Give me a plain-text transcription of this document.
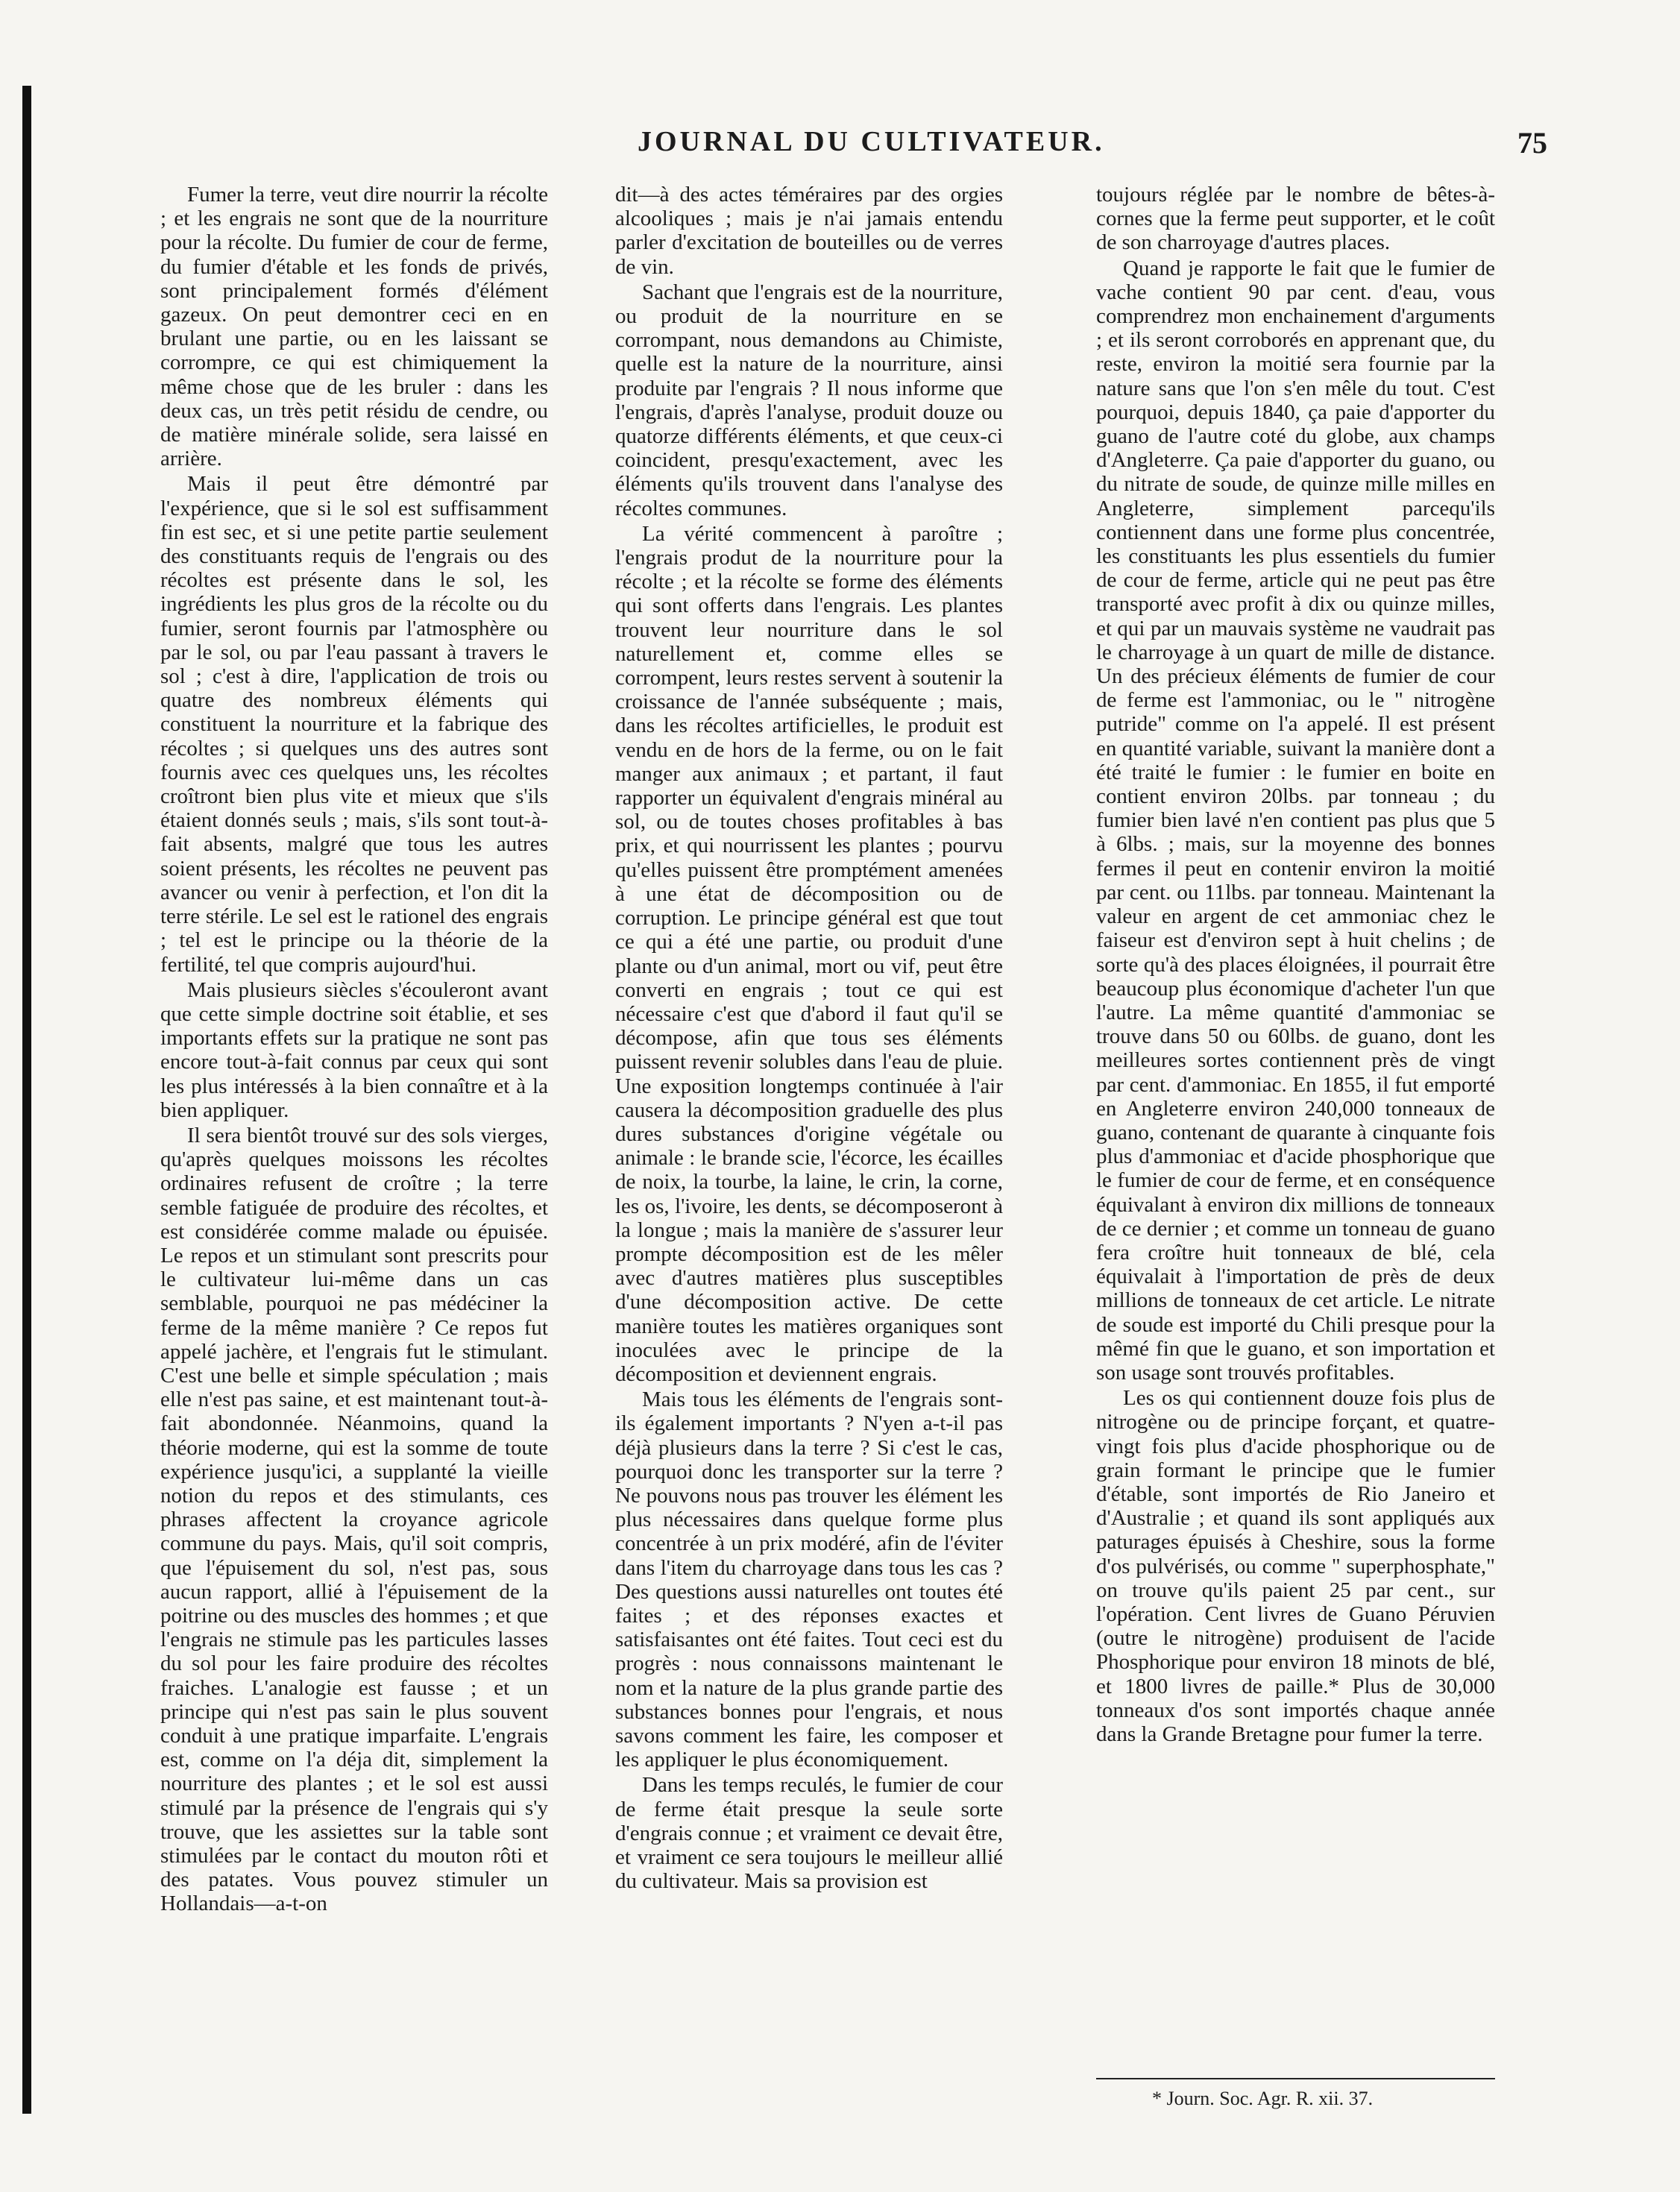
JOURNAL DU CULTIVATEUR.	75

Fumer la terre, veut dire nourrir la récolte ; et les engrais ne sont que de la nourriture pour la récolte. Du fumier de cour de ferme, du fumier d'étable et les fonds de privés, sont principalement formés d'élément gazeux. On peut demontrer ceci en en brulant une partie, ou en les laissant se corrompre, ce qui est chimiquement la même chose que de les bruler : dans les deux cas, un très petit résidu de cendre, ou de matière minérale solide, sera laissé en arrière.

Mais il peut être démontré par l'expérience, que si le sol est suffisamment fin est sec, et si une petite partie seulement des constituants requis de l'engrais ou des récoltes est présente dans le sol, les ingrédients les plus gros de la récolte ou du fumier, seront fournis par l'atmosphère ou par le sol, ou par l'eau passant à travers le sol ; c'est à dire, l'application de trois ou quatre des nombreux éléments qui constituent la nourriture et la fabrique des récoltes ; si quelques uns des autres sont fournis avec ces quelques uns, les récoltes croîtront bien plus vite et mieux que s'ils étaient donnés seuls ; mais, s'ils sont tout-à-fait absents, malgré que tous les autres soient présents, les récoltes ne peuvent pas avancer ou venir à perfection, et l'on dit la terre stérile. Le sel est le rationel des engrais ; tel est le principe ou la théorie de la fertilité, tel que compris aujourd'hui.

Mais plusieurs siècles s'écouleront avant que cette simple doctrine soit établie, et ses importants effets sur la pratique ne sont pas encore tout-à-fait connus par ceux qui sont les plus intéressés à la bien connaître et à la bien appliquer.

Il sera bientôt trouvé sur des sols vierges, qu'après quelques moissons les récoltes ordinaires refusent de croître ; la terre semble fatiguée de produire des récoltes, et est considérée comme malade ou épuisée. Le repos et un stimulant sont prescrits pour le cultivateur lui-même dans un cas semblable, pourquoi ne pas médéciner la ferme de la même manière ? Ce repos fut appelé jachère, et l'engrais fut le stimulant. C'est une belle et simple spéculation ; mais elle n'est pas saine, et est maintenant tout-à-fait abondonnée. Néanmoins, quand la théorie moderne, qui est la somme de toute expérience jusqu'ici, a supplanté la vieille notion du repos et des stimulants, ces phrases affectent la croyance agricole commune du pays. Mais, qu'il soit compris, que l'épuisement du sol, n'est pas, sous aucun rapport, allié à l'épuisement de la poitrine ou des muscles des hommes ; et que l'engrais ne stimule pas les particules lasses du sol pour les faire produire des récoltes fraiches. L'analogie est fausse ; et un principe qui n'est pas sain le plus souvent conduit à une pratique imparfaite. L'engrais est, comme on l'a déja dit, simplement la nourriture des plantes ; et le sol est aussi stimulé par la présence de l'engrais qui s'y trouve, que les assiettes sur la table sont stimulées par le contact du mouton rôti et des patates. Vous pouvez stimuler un Hollandais—a-t-on

dit—à des actes téméraires par des orgies alcooliques ; mais je n'ai jamais entendu parler d'excitation de bouteilles ou de verres de vin.

Sachant que l'engrais est de la nourriture, ou produit de la nourriture en se corrompant, nous demandons au Chimiste, quelle est la nature de la nourriture, ainsi produite par l'engrais ? Il nous informe que l'engrais, d'après l'analyse, produit douze ou quatorze différents éléments, et que ceux-ci coincident, presqu'exactement, avec les éléments qu'ils trouvent dans l'analyse des récoltes communes.

La vérité commencent à paroître ; l'engrais produt de la nourriture pour la récolte ; et la récolte se forme des éléments qui sont offerts dans l'engrais. Les plantes trouvent leur nourriture dans le sol naturellement et, comme elles se corrompent, leurs restes servent à soutenir la croissance de l'année subséquente ; mais, dans les récoltes artificielles, le produit est vendu en de hors de la ferme, ou on le fait manger aux animaux ; et partant, il faut rapporter un équivalent d'engrais minéral au sol, ou de toutes choses profitables à bas prix, et qui nourrissent les plantes ; pourvu qu'elles puissent être promptément amenées à une état de décomposition ou de corruption. Le principe général est que tout ce qui a été une partie, ou produit d'une plante ou d'un animal, mort ou vif, peut être converti en engrais ; tout ce qui est nécessaire c'est que d'abord il faut qu'il se décompose, afin que tous ses éléments puissent revenir solubles dans l'eau de pluie. Une exposition longtemps continuée à l'air causera la décomposition graduelle des plus dures substances d'origine végétale ou animale : le brande scie, l'écorce, les écailles de noix, la tourbe, la laine, le crin, la corne, les os, l'ivoire, les dents, se décomposeront à la longue ; mais la manière de s'assurer leur prompte décomposition est de les mêler avec d'autres matières plus susceptibles d'une décomposition active. De cette manière toutes les matières organiques sont inoculées avec le principe de la décomposition et deviennent engrais.

Mais tous les éléments de l'engrais sont-ils également importants ? N'yen a-t-il pas déjà plusieurs dans la terre ? Si c'est le cas, pourquoi donc les transporter sur la terre ? Ne pouvons nous pas trouver les élément les plus nécessaires dans quelque forme plus concentrée à un prix modéré, afin de l'éviter dans l'item du charroyage dans tous les cas ? Des questions aussi naturelles ont toutes été faites ; et des réponses exactes et satisfaisantes ont été faites. Tout ceci est du progrès : nous connaissons maintenant le nom et la nature de la plus grande partie des substances bonnes pour l'engrais, et nous savons comment les faire, les composer et les appliquer le plus économiquement.

Dans les temps reculés, le fumier de cour de ferme était presque la seule sorte d'engrais connue ; et vraiment ce devait être, et vraiment ce sera toujours le meilleur allié du cultivateur. Mais sa provision est

toujours réglée par le nombre de bêtes-à-cornes que la ferme peut supporter, et le coût de son charroyage d'autres places.

Quand je rapporte le fait que le fumier de vache contient 90 par cent. d'eau, vous comprendrez mon enchainement d'arguments ; et ils seront corroborés en apprenant que, du reste, environ la moitié sera fournie par la nature sans que l'on s'en mêle du tout. C'est pourquoi, depuis 1840, ça paie d'apporter du guano de l'autre coté du globe, aux champs d'Angleterre. Ça paie d'apporter du guano, ou du nitrate de soude, de quinze mille milles en Angleterre, simplement parcequ'ils contiennent dans une forme plus concentrée, les constituants les plus essentiels du fumier de cour de ferme, article qui ne peut pas être transporté avec profit à dix ou quinze milles, et qui par un mauvais système ne vaudrait pas le charroyage à un quart de mille de distance. Un des précieux éléments de fumier de cour de ferme est l'ammoniac, ou le " nitrogène putride" comme on l'a appelé. Il est présent en quantité variable, suivant la manière dont a été traité le fumier : le fumier en boite en contient environ 20lbs. par tonneau ; du fumier bien lavé n'en contient pas plus que 5 à 6lbs. ; mais, sur la moyenne des bonnes fermes il peut en contenir environ la moitié par cent. ou 11lbs. par tonneau. Maintenant la valeur en argent de cet ammoniac chez le faiseur est d'environ sept à huit chelins ; de sorte qu'à des places éloignées, il pourrait être beaucoup plus économique d'acheter l'un que l'autre. La même quantité d'ammoniac se trouve dans 50 ou 60lbs. de guano, dont les meilleures sortes contiennent près de vingt par cent. d'ammoniac. En 1855, il fut emporté en Angleterre environ 240,000 tonneaux de guano, contenant de quarante à cinquante fois plus d'ammoniac et d'acide phosphorique que le fumier de cour de ferme, et en conséquence équivalant à environ dix millions de tonneaux de ce dernier ; et comme un tonneau de guano fera croître huit tonneaux de blé, cela équivalait à l'importation de près de deux millions de tonneaux de cet article. Le nitrate de soude est importé du Chili presque pour la mêmé fin que le guano, et son importation et son usage sont trouvés profitables.

Les os qui contiennent douze fois plus de nitrogène ou de principe forçant, et quatre-vingt fois plus d'acide phosphorique ou de grain formant le principe que le fumier d'étable, sont importés de Rio Janeiro et d'Australie ; et quand ils sont appliqués aux paturages épuisés à Cheshire, sous la forme d'os pulvérisés, ou comme " superphosphate," on trouve qu'ils paient 25 par cent., sur l'opération. Cent livres de Guano Péruvien (outre le nitrogène) produisent de l'acide Phosphorique pour environ 18 minots de blé, et 1800 livres de paille.* Plus de 30,000 tonneaux d'os sont importés chaque année dans la Grande Bretagne pour fumer la terre.

* Journ. Soc. Agr. R. xii. 37.
